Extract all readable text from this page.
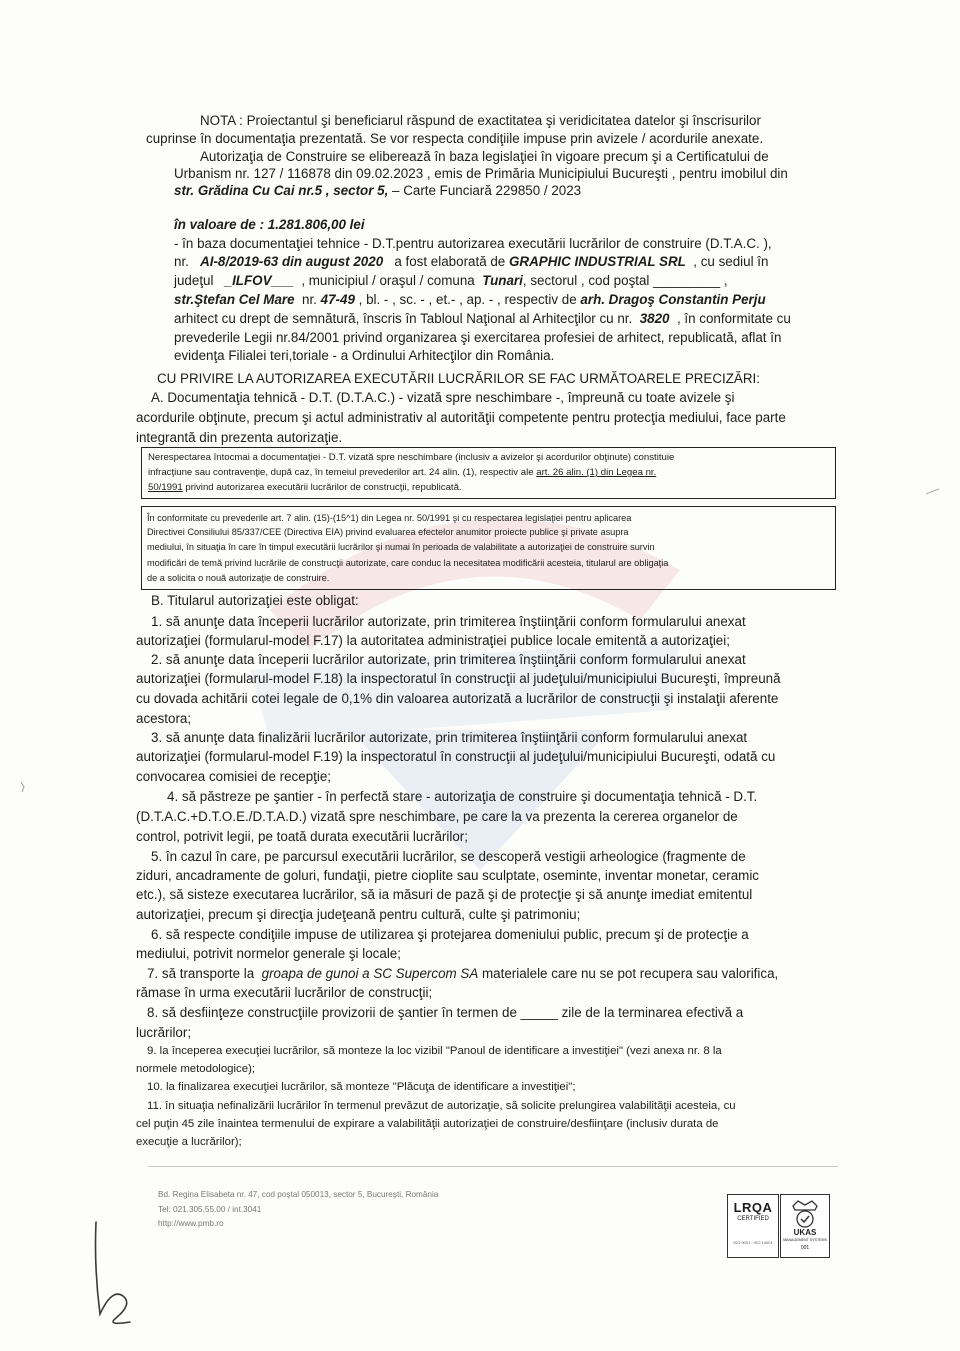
NOTA : Proiectantul şi beneficiarul răspund de exactitatea şi veridicitatea datelor şi înscrisurilor
cuprinse în documentaţia prezentată. Se vor respecta condiţiile impuse prin avizele / acordurile anexate.
Autorizaţia de Construire se eliberează în baza legislaţiei în vigoare precum şi a Certificatului de
Urbanism nr. 127 / 116878 din 09.02.2023 , emis de Primăria Municipiului Bucureşti , pentru imobilul din
str. Grădina Cu Cai nr.5 , sector 5, – Carte Funciară 229850 / 2023
în valoare de : 1.281.806,00 lei
- în baza documentaţiei tehnice - D.T.pentru autorizarea executării lucrărilor de construire (D.T.A.C. ),
nr. AI-8/2019-63 din august 2020 a fost elaborată de GRAPHIC INDUSTRIAL SRL , cu sediul în
judeţul _ILFOV___ , municipiul / oraşul / comuna Tunari, sectorul , cod poştal _________ ,
str.Ştefan Cel Mare nr. 47-49 , bl. - , sc. - , et.- , ap. - , respectiv de arh. Dragoş Constantin Perju
arhitect cu drept de semnătură, înscris în Tabloul Naţional al Arhitecţilor cu nr. 3820 , în conformitate cu
prevederile Legii nr.84/2001 privind organizarea şi exercitarea profesiei de arhitect, republicată, aflat în
evidenţa Filialei teri,toriale - a Ordinului Arhitecţilor din România.
CU PRIVIRE LA AUTORIZAREA EXECUTĂRII LUCRĂRILOR SE FAC URMĂTOARELE PRECIZĂRI:
A. Documentaţia tehnică - D.T. (D.T.A.C.) - vizată spre neschimbare -, împreună cu toate avizele şi
acordurile obţinute, precum şi actul administrativ al autorităţii competente pentru protecţia mediului, face parte
integrantă din prezenta autorizaţie.
Nerespectarea întocmai a documentaţiei - D.T. vizată spre neschimbare (inclusiv a avizelor şi acordurilor obţinute) constituie
infracţiune sau contravenţie, după caz, în temeiul prevederilor art. 24 alin. (1), respectiv ale art. 26 alin. (1) din Legea nr.
50/1991 privind autorizarea executării lucrărilor de construcţii, republicată.
În conformitate cu prevederile art. 7 alin. (15)-(15^1) din Legea nr. 50/1991 şi cu respectarea legislaţiei pentru aplicarea
Directivei Consiliului 85/337/CEE (Directiva EIA) privind evaluarea efectelor anumitor proiecte publice şi private asupra
mediului, în situaţia în care în timpul executării lucrărilor şi numai în perioada de valabilitate a autorizaţiei de construire survin
modificări de temă privind lucrările de construcţii autorizate, care conduc la necesitatea modificării acesteia, titularul are obligaţia
de a solicita o nouă autorizaţie de construire.
B. Titularul autorizaţiei este obligat:
1. să anunţe data începerii lucrărilor autorizate, prin trimiterea înştiinţării conform formularului anexat
autorizaţiei (formularul-model F.17) la autoritatea administraţiei publice locale emitentă a autorizaţiei;
2. să anunţe data începerii lucrărilor autorizate, prin trimiterea înştiinţării conform formularului anexat
autorizaţiei (formularul-model F.18) la inspectoratul în construcţii al judeţului/municipiului Bucureşti, împreună
cu dovada achitării cotei legale de 0,1% din valoarea autorizată a lucrărilor de construcţii şi instalaţii aferente
acestora;
3. să anunţe data finalizării lucrărilor autorizate, prin trimiterea înştiinţării conform formularului anexat
autorizaţiei (formularul-model F.19) la inspectoratul în construcţii al judeţului/municipiului Bucureşti, odată cu
convocarea comisiei de recepţie;
4. să păstreze pe şantier - în perfectă stare - autorizaţia de construire şi documentaţia tehnică - D.T.
(D.T.A.C.+D.T.O.E./D.T.A.D.) vizată spre neschimbare, pe care la va prezenta la cererea organelor de
control, potrivit legii, pe toată durata executării lucrărilor;
5. în cazul în care, pe parcursul executării lucrărilor, se descoperă vestigii arheologice (fragmente de
ziduri, ancadramente de goluri, fundaţii, pietre cioplite sau sculptate, oseminte, inventar monetar, ceramic
etc.), să sisteze executarea lucrărilor, să ia măsuri de pază şi de protecţie şi să anunţe imediat emitentul
autorizaţiei, precum şi direcţia judeţeană pentru cultură, culte şi patrimoniu;
6. să respecte condiţiile impuse de utilizarea şi protejarea domeniului public, precum şi de protecţie a
mediului, potrivit normelor generale şi locale;
7. să transporte la groapa de gunoi a SC Supercom SA materialele care nu se pot recupera sau valorifica,
rămase în urma executării lucrărilor de construcţii;
8. să desfiinţeze construcţiile provizorii de şantier în termen de _____ zile de la terminarea efectivă a
lucrărilor;
9. la începerea execuţiei lucrărilor, să monteze la loc vizibil "Panoul de identificare a investiţiei" (vezi anexa nr. 8 la
normele metodologice);
10. la finalizarea execuţiei lucrărilor, să monteze "Plăcuţa de identificare a investiţiei";
11. în situaţia nefinalizării lucrărilor în termenul prevăzut de autorizaţie, să solicite prelungirea valabilităţii acesteia, cu
cel puţin 45 zile înaintea termenului de expirare a valabilităţii autorizaţiei de construire/desfiinţare (inclusiv durata de
execuţie a lucrărilor);
Bd. Regina Elisabeta nr. 47, cod poştal 050013, sector 5, Bucureşti, România
Tel: 021.305.55.00 / int.3041
http://www.pmb.ro
LRQA
CERTIFIED
ISO 9001 : ISO 14001
UKAS
MANAGEMENT SYSTEMS
001
